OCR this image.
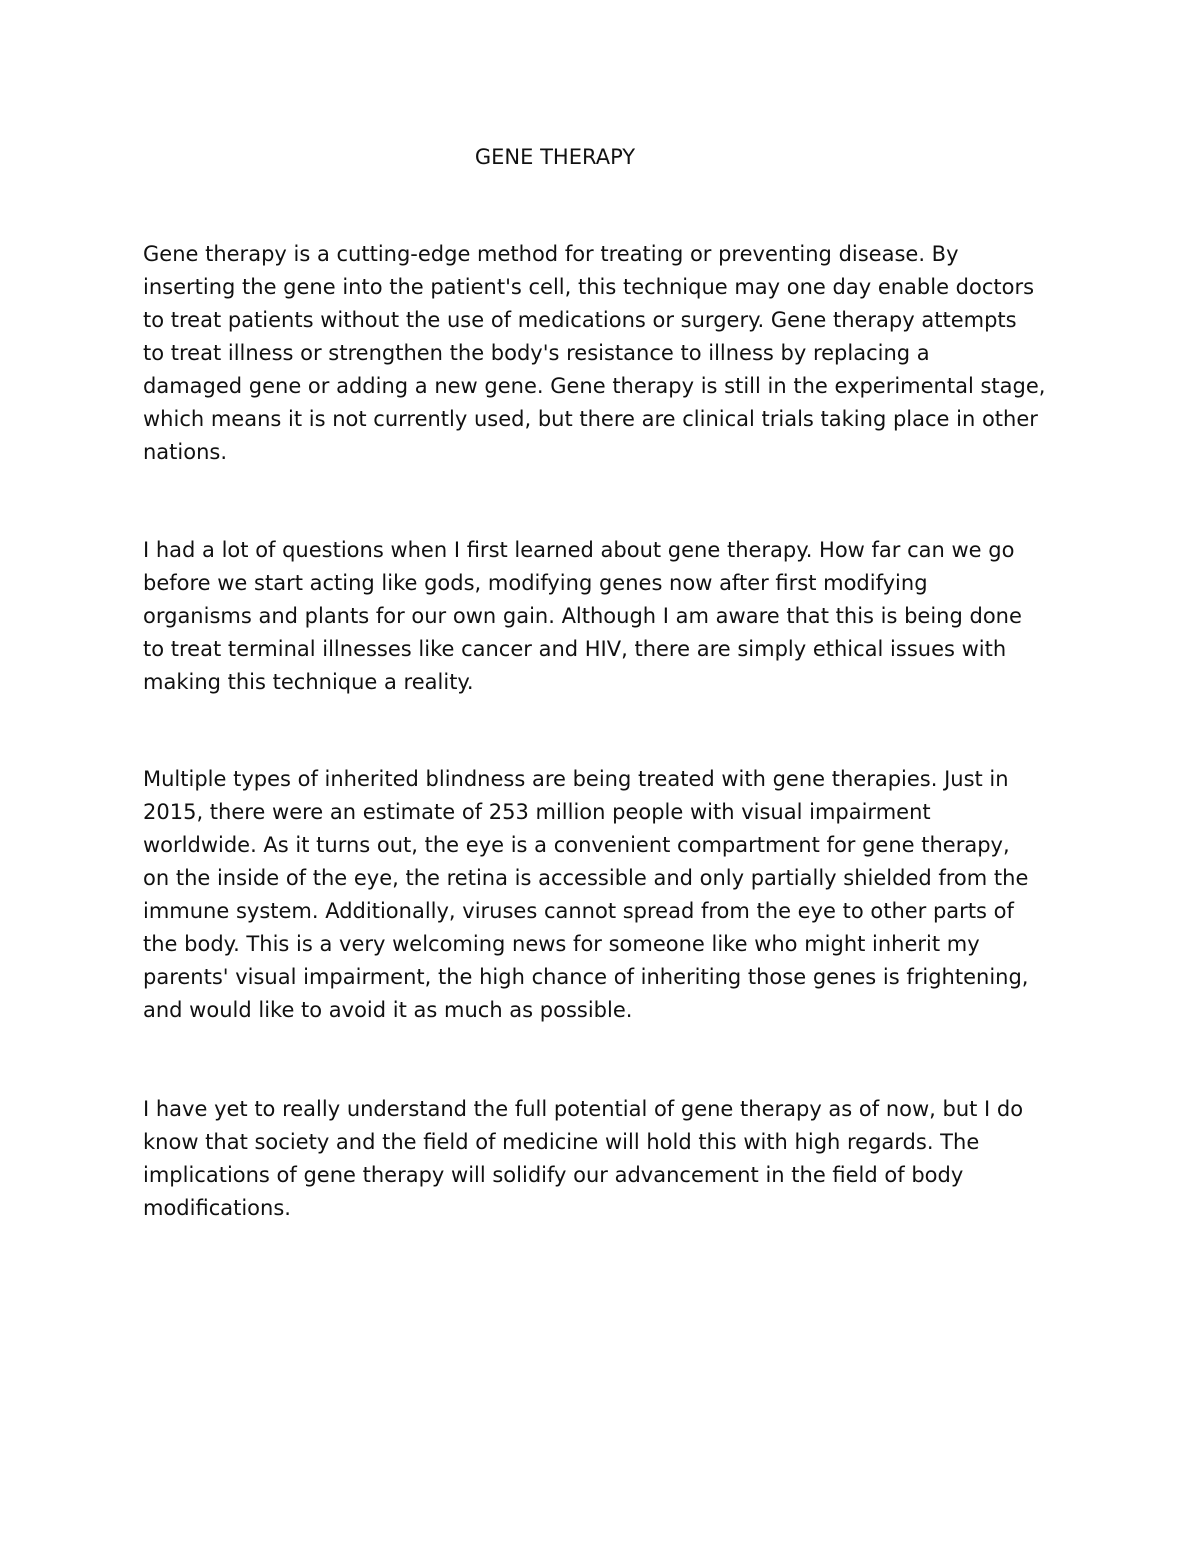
GENE THERAPY

Gene therapy is a cutting-edge method for treating or preventing disease. By
inserting the gene into the patient's cell, this technique may one day enable doctors
to treat patients without the use of medications or surgery. Gene therapy attempts
to treat illness or strengthen the body's resistance to illness by replacing a
damaged gene or adding a new gene. Gene therapy is still in the experimental stage,
which means it is not currently used, but there are clinical trials taking place in other
nations.

I had a lot of questions when I first learned about gene therapy. How far can we go
before we start acting like gods, modifying genes now after first modifying
organisms and plants for our own gain. Although I am aware that this is being done
to treat terminal illnesses like cancer and HIV, there are simply ethical issues with
making this technique a reality.

Multiple types of inherited blindness are being treated with gene therapies. Just in
2015, there were an estimate of 253 million people with visual impairment
worldwide. As it turns out, the eye is a convenient compartment for gene therapy,
on the inside of the eye, the retina is accessible and only partially shielded from the
immune system. Additionally, viruses cannot spread from the eye to other parts of
the body. This is a very welcoming news for someone like who might inherit my
parents' visual impairment, the high chance of inheriting those genes is frightening,
and would like to avoid it as much as possible.

I have yet to really understand the full potential of gene therapy as of now, but I do
know that society and the field of medicine will hold this with high regards. The
implications of gene therapy will solidify our advancement in the field of body
modifications.
